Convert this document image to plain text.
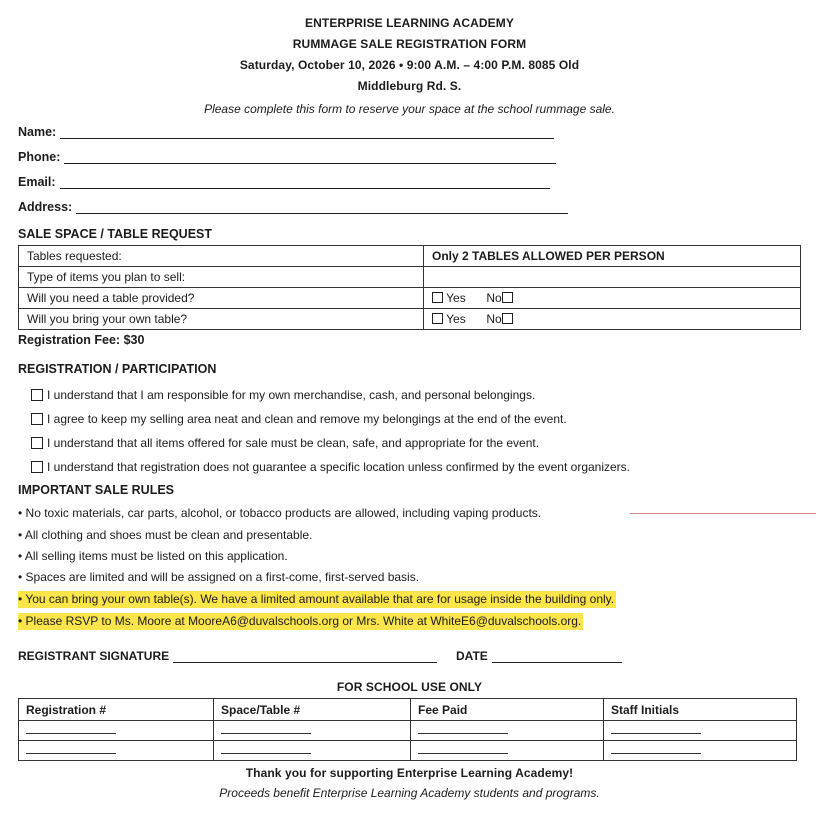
ENTERPRISE LEARNING ACADEMY
RUMMAGE SALE REGISTRATION FORM
Saturday, October 10, 2026 • 9:00 A.M. – 4:00 P.M. 8085 Old
Middleburg Rd. S.
Please complete this form to reserve your space at the school rummage sale.
Name:
Phone:
Email:
Address:
SALE SPACE / TABLE REQUEST
Tables requested:	Only 2 TABLES ALLOWED PER PERSON
Type of items you plan to sell:	
Will you need a table provided?	Yes No
Will you bring your own table?	Yes No
Registration Fee: $30
REGISTRATION / PARTICIPATION
I understand that I am responsible for my own merchandise, cash, and personal belongings.
I agree to keep my selling area neat and clean and remove my belongings at the end of the event.
I understand that all items offered for sale must be clean, safe, and appropriate for the event.
I understand that registration does not guarantee a specific location unless confirmed by the event organizers.
IMPORTANT SALE RULES
• No toxic materials, car parts, alcohol, or tobacco products are allowed, including vaping products.
• All clothing and shoes must be clean and presentable.
• All selling items must be listed on this application.
• Spaces are limited and will be assigned on a first-come, first-served basis.
• You can bring your own table(s). We have a limited amount available that are for usage inside the building only.
• Please RSVP to Ms. Moore at MooreA6@duvalschools.org or Mrs. White at WhiteE6@duvalschools.org.
REGISTRANT SIGNATURE	DATE
FOR SCHOOL USE ONLY
Registration #	Space/Table #	Fee Paid	Staff Initials

Thank you for supporting Enterprise Learning Academy!
Proceeds benefit Enterprise Learning Academy students and programs.
